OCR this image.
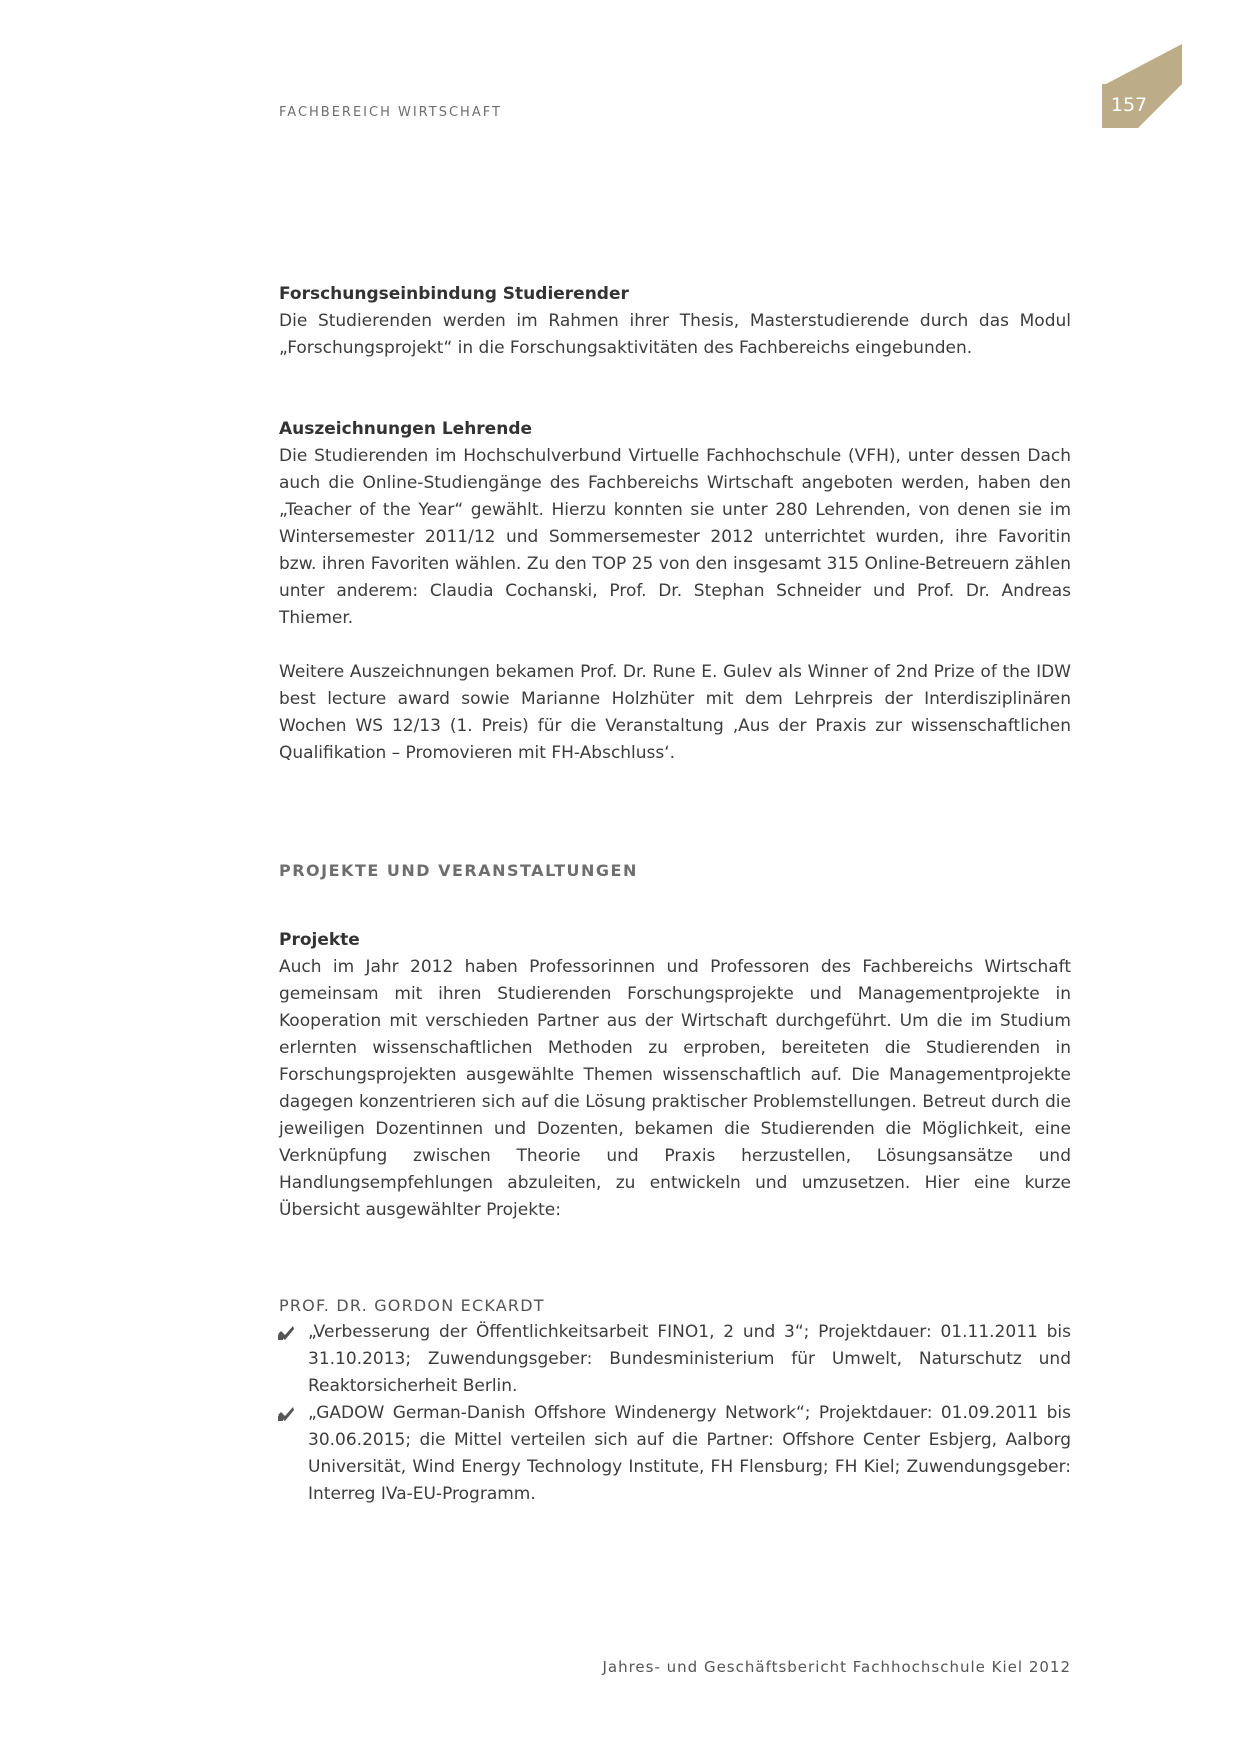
FACHBEREICH WIRTSCHAFT	157
Forschungseinbindung Studierender

Die Studierenden werden im Rahmen ihrer Thesis, Masterstudierende durch das Modul „Forschungsprojekt“ in die Forschungsaktivitäten des Fachbereichs eingebunden.

Auszeichnungen Lehrende

Die Studierenden im Hochschulverbund Virtuelle Fachhochschule (VFH), unter dessen Dach auch die Online-Studiengänge des Fachbereichs Wirtschaft angeboten werden, haben den „Teacher of the Year“ gewählt. Hierzu konnten sie unter 280 Lehrenden, von denen sie im Wintersemester 2011/12 und Sommersemester 2012 unterrichtet wurden, ihre Favoritin bzw. ihren Favoriten wählen. Zu den TOP 25 von den insgesamt 315 Online-Betreuern zählen unter anderem: Claudia Cochanski, Prof. Dr. Stephan Schneider und Prof. Dr. Andreas Thiemer.

Weitere Auszeichnungen bekamen Prof. Dr. Rune E. Gulev als Winner of 2nd Prize of the IDW best lecture award sowie Marianne Holzhüter mit dem Lehrpreis der Interdisziplinären Wochen WS 12/13 (1. Preis) für die Veranstaltung ‚Aus der Praxis zur wissenschaftlichen Qualifikation – Promovieren mit FH-Abschluss‘.

PROJEKTE UND VERANSTALTUNGEN
Projekte

Auch im Jahr 2012 haben Professorinnen und Professoren des Fachbereichs Wirtschaft gemeinsam mit ihren Studierenden Forschungsprojekte und Managementprojekte in Kooperation mit verschieden Partner aus der Wirtschaft durchgeführt. Um die im Studium erlernten wissenschaftlichen Methoden zu erproben, bereiteten die Studierenden in Forschungsprojekten ausgewählte Themen wissenschaftlich auf. Die Managementprojekte dagegen konzentrieren sich auf die Lösung praktischer Problemstellungen. Betreut durch die jeweiligen Dozentinnen und Dozenten, bekamen die Studierenden die Möglichkeit, eine Verknüpfung zwischen Theorie und Praxis herzustellen, Lösungsansätze und Handlungsempfehlungen abzuleiten, zu entwickeln und umzusetzen. Hier eine kurze Übersicht ausgewählter Projekte:

PROF. DR. GORDON ECKARDT

„Verbesserung der Öffentlichkeitsarbeit FINO1, 2 und 3“; Projektdauer: 01.11.2011 bis 31.10.2013; Zuwendungsgeber: Bundesministerium für Umwelt, Naturschutz und Reaktorsicherheit Berlin.
„GADOW German-Danish Offshore Windenergy Network“; Projektdauer: 01.09.2011 bis 30.06.2015; die Mittel verteilen sich auf die Partner: Offshore Center Esbjerg, Aalborg Universität, Wind Energy Technology Institute, FH Flensburg; FH Kiel; Zuwendungsgeber: Interreg IVa-EU-Programm.

Jahres- und Geschäftsbericht Fachhochschule Kiel 2012
